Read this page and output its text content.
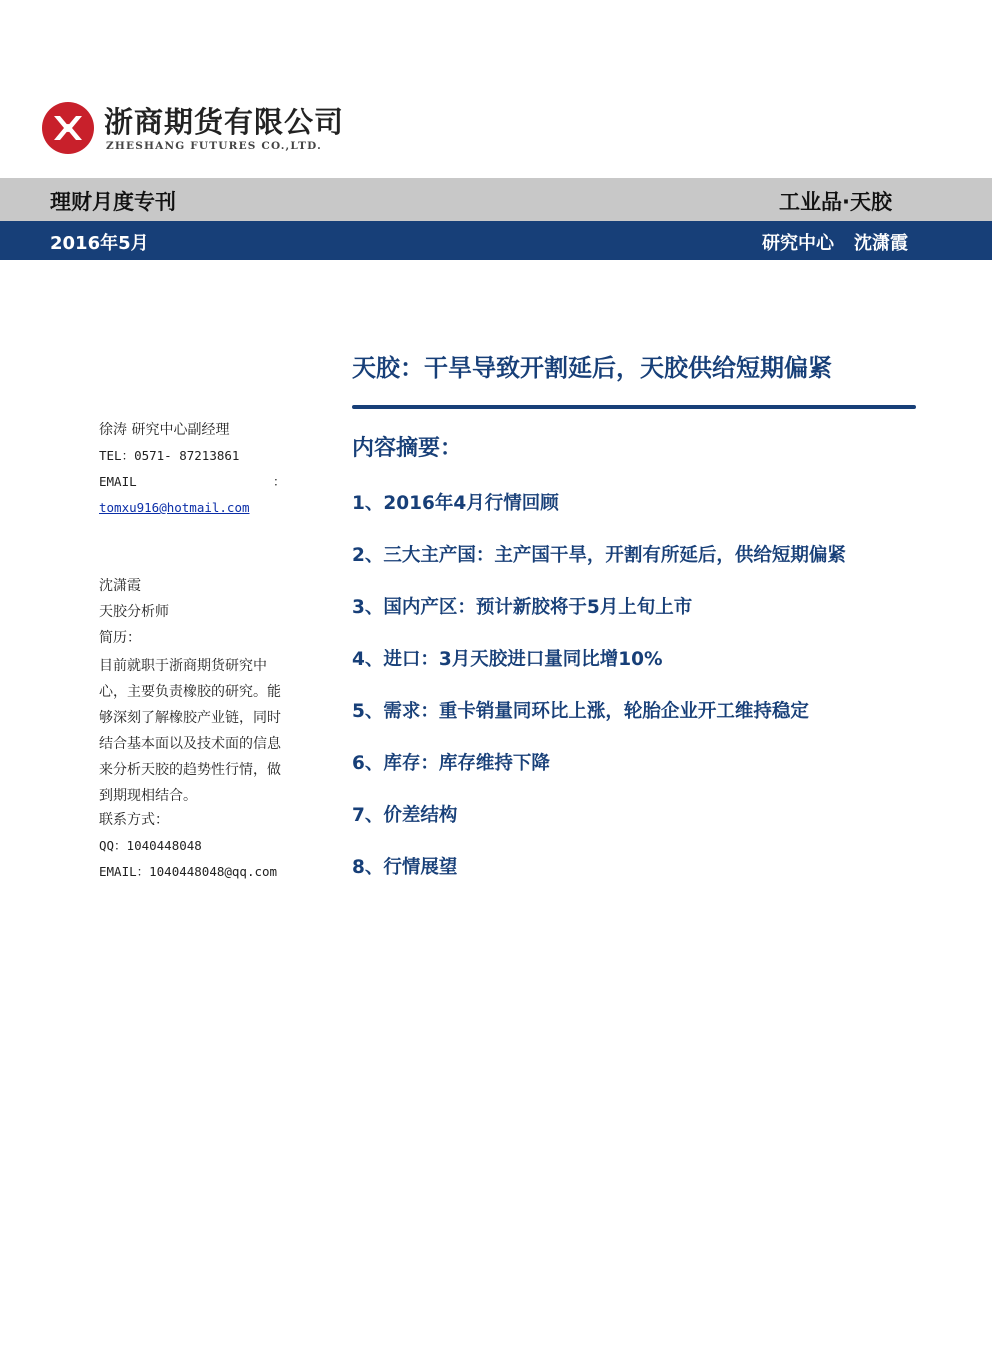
浙商期货有限公司
ZHESHANG FUTURES CO.,LTD.
理财月度专刊	工业品·天胶
2016年5月	研究中心 沈潇霞
天胶：干旱导致开割延后，天胶供给短期偏紧
内容摘要：
1、2016年4月行情回顾
2、三大主产国：主产国干旱，开割有所延后，供给短期偏紧
3、国内产区：预计新胶将于5月上旬上市
4、进口：3月天胶进口量同比增10%
5、需求：重卡销量同环比上涨，轮胎企业开工维持稳定
6、库存：库存维持下降
7、价差结构
8、行情展望
徐涛 研究中心副经理
TEL：0571- 87213861
EMAIL	：
tomxu916@hotmail.com
沈潇霞
天胶分析师
简历：
目前就职于浙商期货研究中心，主要负责橡胶的研究。能够深刻了解橡胶产业链，同时结合基本面以及技术面的信息来分析天胶的趋势性行情，做到期现相结合。
联系方式：
QQ：1040448048
EMAIL：1040448048@qq.com
